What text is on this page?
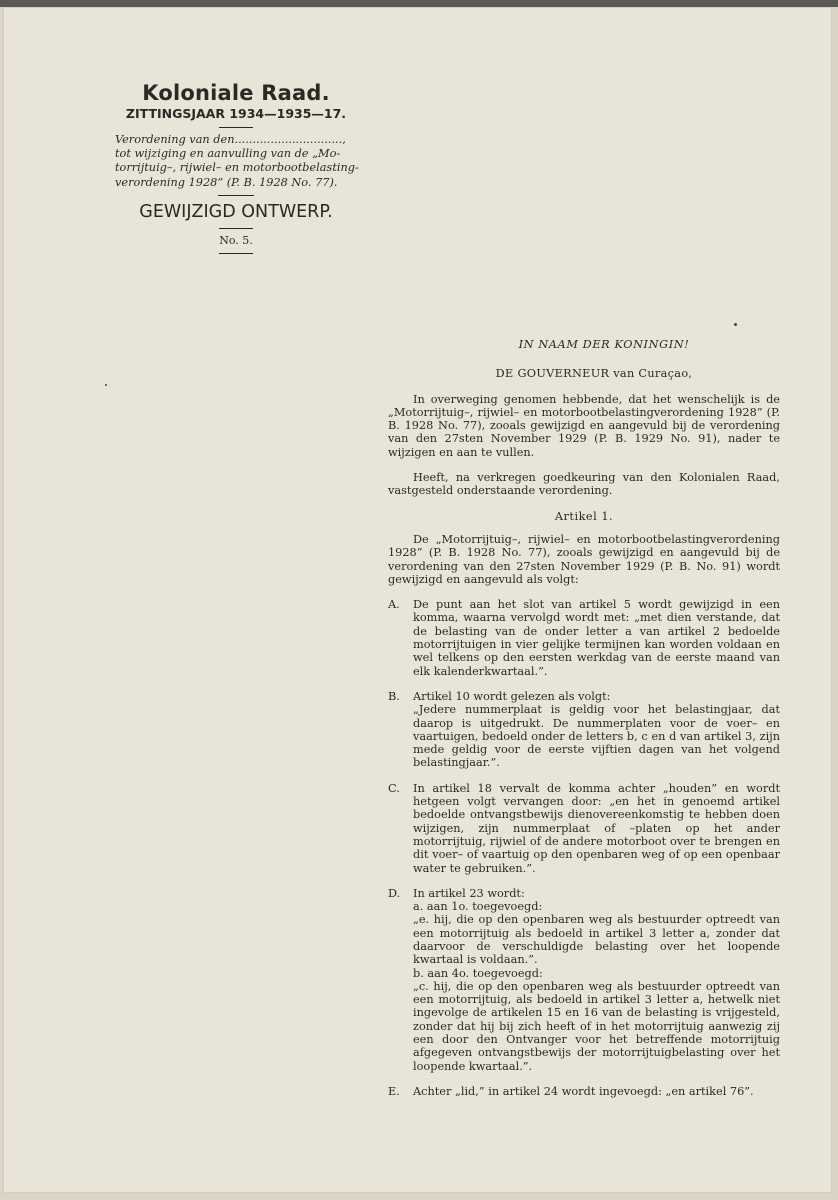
Koloniale Raad.
ZITTINGSJAAR 1934—1935—17.
Verordening van den..............................,
tot wijziging en aanvulling van de „Mo-
torrijtuig–, rijwiel– en motorbootbelasting-
verordening 1928” (P. B. 1928 No. 77).
GEWIJZIGD ONTWERP.
No. 5.

IN NAAM DER KONINGIN!

DE GOUVERNEUR van Curaçao,

In overweging genomen hebbende, dat het wenschelijk is de „Motorrijtuig–, rijwiel– en motorbootbelastingverordening 1928” (P. B. 1928 No. 77), zooals gewijzigd en aangevuld bij de verordening van den 27sten November 1929 (P. B. 1929 No. 91), nader te wijzigen en aan te vullen.

Heeft, na verkregen goedkeuring van den Kolonialen Raad, vastgesteld onderstaande verordening.

Artikel 1.

De „Motorrijtuig–, rijwiel– en motorbootbelastingverordening 1928” (P. B. 1928 No. 77), zooals gewijzigd en aangevuld bij de verordening van den 27sten November 1929 (P. B. No. 91) wordt gewijzigd en aangevuld als volgt:

A.	De punt aan het slot van artikel 5 wordt gewijzigd in een komma, waarna vervolgd wordt met: „met dien verstande, dat de belasting van de onder letter a van artikel 2 bedoelde motorrijtuigen in vier gelijke termijnen kan worden voldaan en wel telkens op den eersten werkdag van de eerste maand van elk kalenderkwartaal.”.

B.	Artikel 10 wordt gelezen als volgt:

„Jedere nummerplaat is geldig voor het belastingjaar, dat daarop is uitgedrukt. De nummerplaten voor de voer– en vaartuigen, bedoeld onder de letters b, c en d van artikel 3, zijn mede geldig voor de eerste vijftien dagen van het volgend belastingjaar.”.

C.	In artikel 18 vervalt de komma achter „houden” en wordt hetgeen volgt vervangen door: „en het in genoemd artikel bedoelde ontvangstbewijs dienovereenkomstig te hebben doen wijzigen, zijn nummerplaat of –platen op het ander motorrijtuig, rijwiel of de andere motorboot over te brengen en dit voer– of vaartuig op den openbaren weg of op een openbaar water te gebruiken.”.

D.	In artikel 23 wordt:

a. aan 1o. toegevoegd:

„e. hij, die op den openbaren weg als bestuurder optreedt van een motorrijtuig als bedoeld in artikel 3 letter a, zonder dat daarvoor de verschuldigde belasting over het loopende kwartaal is voldaan.”.

b. aan 4o. toegevoegd:

„c. hij, die op den openbaren weg als bestuurder optreedt van een motorrijtuig, als bedoeld in artikel 3 letter a, hetwelk niet ingevolge de artikelen 15 en 16 van de belasting is vrijgesteld, zonder dat hij bij zich heeft of in het motorrijtuig aanwezig zij een door den Ontvanger voor het betreffende motorrijtuig afgegeven ontvangstbewijs der motorrijtuigbelasting over het loopende kwartaal.”.

E.	Achter „lid,” in artikel 24 wordt ingevoegd: „en artikel 76”.
